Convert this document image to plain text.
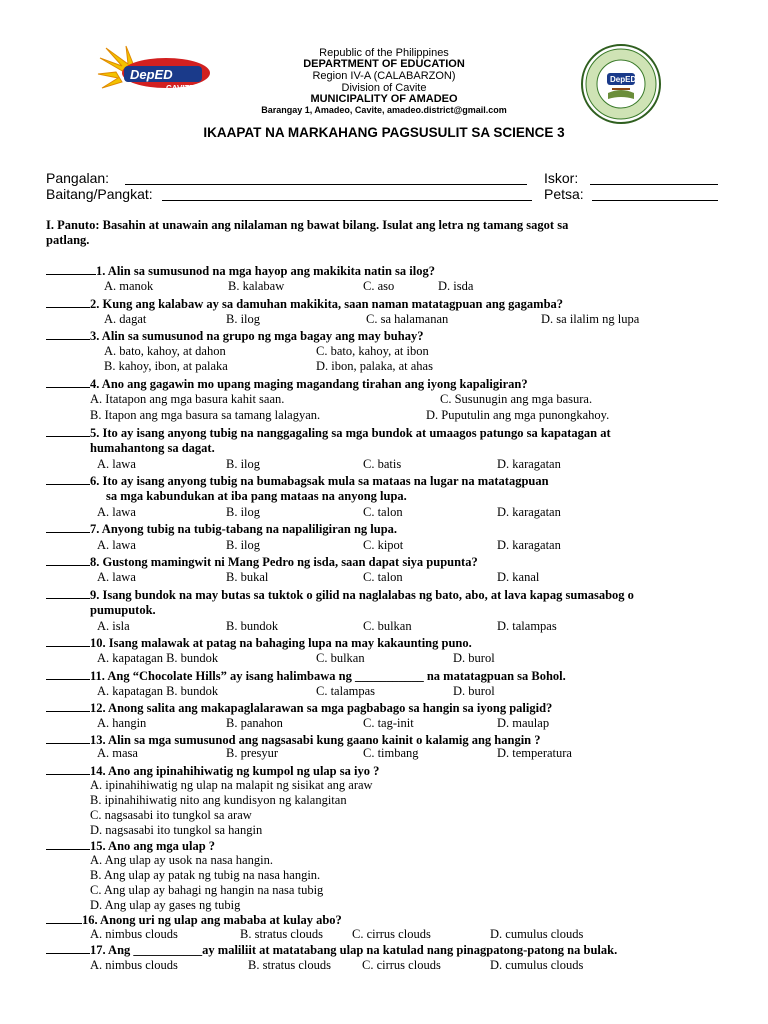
DepED
CAVITE
DepED
Republic of the Philippines
DEPARTMENT OF EDUCATION
Region IV-A (CALABARZON)
Division of Cavite
MUNICIPALITY OF AMADEO
Barangay 1, Amadeo, Cavite, amadeo.district@gmail.com
IKAAPAT NA MARKAHANG PAGSUSULIT SA SCIENCE 3
Pangalan:	Iskor:
Baitang/Pangkat:	Petsa:
I. Panuto: Basahin at unawain ang nilalaman ng bawat bilang. Isulat ang letra ng tamang sagot sa
patlang.
1. Alin sa sumusunod na mga hayop ang makikita natin sa ilog?
A. manok	B. kalabaw	C. aso	D. isda
2. Kung ang kalabaw ay sa damuhan makikita, saan naman matatagpuan ang gagamba?
A. dagat	B. ilog	C. sa halamanan	D. sa ilalim ng lupa
3. Alin sa sumusunod na grupo ng mga bagay ang may buhay?
A. bato, kahoy, at dahon	C. bato, kahoy, at ibon
B. kahoy, ibon, at palaka	D. ibon, palaka, at ahas
4. Ano ang gagawin mo upang maging magandang tirahan ang iyong kapaligiran?
A. Itatapon ang mga basura kahit saan.	C. Susunugin ang mga basura.
B. Itapon ang mga basura sa tamang lalagyan.	D. Puputulin ang mga punongkahoy.
5. Ito ay isang anyong tubig na nanggagaling sa mga bundok at umaagos patungo sa kapatagan at
humahantong sa dagat.
A. lawa	B. ilog	C. batis	D. karagatan
6. Ito ay isang anyong tubig na bumabagsak mula sa mataas na lugar na matatagpuan
sa mga kabundukan at iba pang mataas na anyong lupa.
A. lawa	B. ilog	C. talon	D. karagatan
7. Anyong tubig na tubig-tabang na napaliligiran ng lupa.
A. lawa	B. ilog	C. kipot	D. karagatan
8. Gustong mamingwit ni Mang Pedro ng isda, saan dapat siya pupunta?
A. lawa	B. bukal	C. talon	D. kanal
9. Isang bundok na may butas sa tuktok o gilid na naglalabas ng bato, abo, at lava kapag sumasabog o
pumuputok.
A. isla	B. bundok	C. bulkan	D. talampas
10. Isang malawak at patag na bahaging lupa na may kakaunting puno.
A. kapatagan B. bundok	C. bulkan	D. burol
11. Ang “Chocolate Hills” ay isang halimbawa ng ___________ na matatagpuan sa Bohol.
A. kapatagan B. bundok	C. talampas	D. burol
12. Anong salita ang makapaglalarawan sa mga pagbabago sa hangin sa iyong paligid?
A. hangin	B. panahon	C. tag-init	D. maulap
13. Alin sa mga sumusunod ang nagsasabi kung gaano kainit o kalamig ang hangin ?
A. masa	B. presyur	C. timbang	D. temperatura
14. Ano ang ipinahihiwatig ng kumpol ng ulap sa iyo ?
A. ipinahihiwatig ng ulap na malapit ng sisikat ang araw
B. ipinahihiwatig nito ang kundisyon ng kalangitan
C. nagsasabi ito tungkol sa araw
D. nagsasabi ito tungkol sa hangin
15. Ano ang mga ulap ?
A. Ang ulap ay usok na nasa hangin.
B. Ang ulap ay patak ng tubig na nasa hangin.
C. Ang ulap ay bahagi ng hangin na nasa tubig
D. Ang ulap ay gases ng tubig
16. Anong uri ng ulap ang mababa at kulay abo?
A. nimbus clouds	B. stratus clouds C. cirrus clouds	D. cumulus clouds
17. Ang ___________ay maliliit at matatabang ulap na katulad nang pinagpatong-patong na bulak.
A. nimbus clouds	B. stratus clouds C. cirrus clouds	D. cumulus clouds
